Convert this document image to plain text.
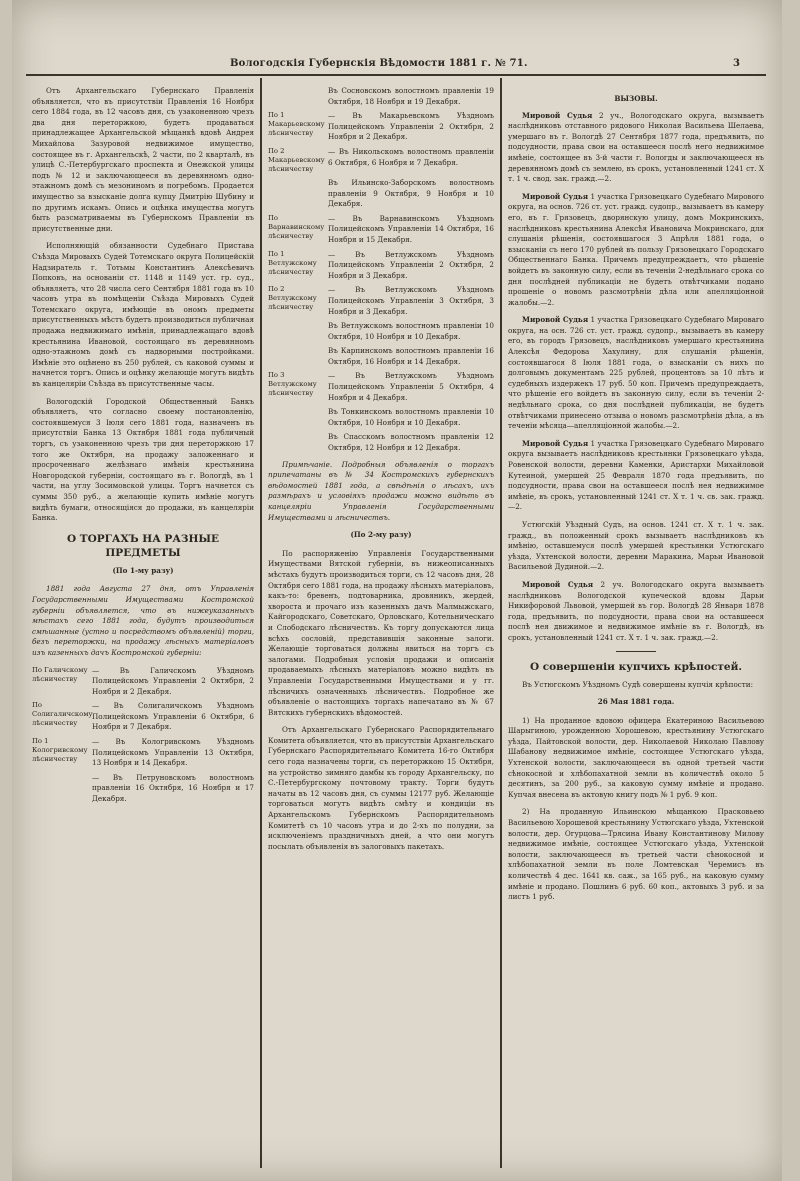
Вологодскія Губернскія Вѣдомости 1881 г. № 71.	3

Отъ Архангельскаго Губернскаго Правленія объявляется, что въ присутствіи Правленія 16 Ноября сего 1884 года, въ 12 часовъ дня, съ узаконенною чрезъ два дня переторжкою, будетъ продаваться принадлежащее Архангельской мѣщанкѣ вдовѣ Андрея Михайлова Зазуровой недвижимое имущество, состоящее въ г. Архангельскѣ, 2 части, по 2 кварталѣ, въ улицѣ С.-Петербургскаго проспекта и Онежской улицы подъ № 12 и заключающееся въ деревянномъ одно-этажномъ домѣ съ мезониномъ и погребомъ. Продается имущество за взысканіе долга купцу Дмитрію Шубину и по другимъ искамъ. Опись и оцѣнка имущества могутъ быть разсматриваемы въ Губернскомъ Правленіи въ присутственные дни.

Исполняющій обязанности Судебнаго Пристава Съѣзда Мировыхъ Судей Тотемскаго округа Полицейскій Надзиратель г. Тотьмы Константинъ Алексѣевичъ Попковъ, на основаніи ст. 1148 и 1149 уст. гр. суд., объявляетъ, что 28 числа сего Сентября 1881 года въ 10 часовъ утра въ помѣщеніи Съѣзда Мировыхъ Судей Тотемскаго округа, имѣющіе въ ономъ предметы присутственныхъ мѣстъ будетъ производиться публичная продажа недвижимаго имѣнія, принадлежащаго вдовѣ крестьянина Ивановой, состоящаго въ деревянномъ одно-этажномъ домѣ съ надворными постройками. Имѣніе это оцѣнено въ 250 рублей, съ каковой суммы и начнется торгъ. Опись и оцѣнку желающіе могутъ видѣть въ канцеляріи Съѣзда въ присутственные часы.

Вологодскій Городской Общественный Банкъ объявляетъ, что согласно своему постановленію, состоявшемуся 3 Іюля сего 1881 года, назначенъ въ присутствіи Банка 13 Октября 1881 года публичный торгъ, съ узаконенною чрезъ три дня переторжкою 17 того же Октября, на продажу заложеннаго и просроченнаго желѣзнаго имѣнія крестьянина Новгородской губерніи, состоящаго въ г. Вологдѣ, въ 1 части, на углу Зосимовской улицы. Торгъ начнется съ суммы 350 руб., а желающіе купить имѣніе могутъ видѣть бумаги, относящіяся до продажи, въ канцеляріи Банка.

О ТОРГАХЪ НА РАЗНЫЕ ПРЕДМЕТЫ
(По 1-му разу)

1881 года Августа 27 дня, отъ Управленія Государственными Имуществами Костромской губерніи объявляется, что въ нижеуказанныхъ мѣстахъ сего 1881 года, будутъ производиться смѣшанные (устно и посредствомъ объявленій) торги, безъ переторжки, на продажу лѣсныхъ матеріаловъ изъ казенныхъ дачъ Костромской губерніи:

По Галичскому лѣсничеству
— Въ Галичскомъ Уѣздномъ Полицейскомъ Управленіи 2 Октября, 2 Ноября и 2 Декабря.
По Солигаличскому лѣсничеству
— Въ Солигаличскомъ Уѣздномъ Полицейскомъ Управленіи 6 Октября, 6 Ноября и 7 Декабря.
По 1 Кологривскому лѣсничеству
— Въ Кологривскомъ Уѣздномъ Полицейскомъ Управленіи 13 Октября, 13 Ноября и 14 Декабря.
— Въ Петруновскомъ волостномъ правленіи 16 Октября, 16 Ноября и 17 Декабря.
Въ Сосновскомъ волостномъ правленіи 19 Октября, 18 Ноября и 19 Декабря.
По 1 Макарьевскому лѣсничеству
— Въ Макарьевскомъ Уѣздномъ Полицейскомъ Управленіи 2 Октября, 2 Ноября и 2 Декабря.
По 2 Макарьевскому лѣсничеству
— Въ Никольскомъ волостномъ правленіи 6 Октября, 6 Ноября и 7 Декабря.
Въ Ильинско-Заборскомъ волостномъ правленіи 9 Октября, 9 Ноября и 10 Декабря.
По Варнавинскому лѣсничеству
— Въ Варнавинскомъ Уѣздномъ Полицейскомъ Управленіи 14 Октября, 16 Ноября и 15 Декабря.
По 1 Ветлужскому лѣсничеству
— Въ Ветлужскомъ Уѣздномъ Полицейскомъ Управленіи 2 Октября, 2 Ноября и 3 Декабря.
По 2 Ветлужскому лѣсничеству
— Въ Ветлужскомъ Уѣздномъ Полицейскомъ Управленіи 3 Октября, 3 Ноября и 3 Декабря.
Въ Ветлужскомъ волостномъ правленіи 10 Октября, 10 Ноября и 10 Декабря.
Въ Карпинскомъ волостномъ правленіи 16 Октября, 16 Ноября и 14 Декабря.
По 3 Ветлужскому лѣсничеству
— Въ Ветлужскомъ Уѣздномъ Полицейскомъ Управленіи 5 Октября, 4 Ноября и 4 Декабря.
Въ Тонкинскомъ волостномъ правленіи 10 Октября, 10 Ноября и 10 Декабря.
Въ Спасскомъ волостномъ правленіи 12 Октября, 12 Ноября и 12 Декабря.

Примѣчаніе. Подробныя объявленія о торгахъ припечатаны въ № 34 Костромскихъ губернскихъ вѣдомостей 1881 года, а свѣдѣнія о лѣсахъ, ихъ размѣрахъ и условіяхъ продажи можно видѣть въ канцеляріи Управленія Государственными Имуществами и лѣсничествъ.

(По 2-му разу)

По распоряженію Управленія Государственными Имуществами Вятской губерніи, въ нижеописанныхъ мѣстахъ будутъ производиться торги, съ 12 часовъ дня, 28 Октября сего 1881 года, на продажу лѣсныхъ матеріаловъ, какъ-то: бревенъ, подтоварника, дровяникъ, жердей, хвороста и прочаго изъ казенныхъ дачъ Малмыжскаго, Кайгородскаго, Советскаго, Орловскаго, Котельническаго и Слободскаго лѣсничествъ. Къ торгу допускаются лица всѣхъ сословій, представившія законные залоги. Желающіе торговаться должны явиться на торгъ съ залогами. Подробныя условія продажи и описанія продаваемыхъ лѣсныхъ матеріаловъ можно видѣть въ Управленіи Государственными Имуществами и у гг. лѣсничихъ означенныхъ лѣсничествъ. Подробное же объявленіе о настоящихъ торгахъ напечатано въ № 67 Вятскихъ губернскихъ вѣдомостей.

Отъ Архангельскаго Губернскаго Распорядительнаго Комитета объявляется, что въ присутствіи Архангельскаго Губернскаго Распорядительнаго Комитета 16-го Октября сего года назначены торги, съ переторжкою 15 Октября, на устройство зимняго дамбы къ городу Архангельску, по С.-Петербургскому почтовому тракту. Торги будутъ начаты въ 12 часовъ дня, съ суммы 12177 руб. Желающіе торговаться могутъ видѣть смѣту и кондиціи въ Архангельскомъ Губернскомъ Распорядительномъ Комитетѣ съ 10 часовъ утра и до 2-хъ по полудни, за исключеніемъ праздничныхъ дней, а что они могутъ посылать объявленія въ залоговыхъ пакетахъ.

ВЫЗОВЫ.

Мировой Судья 2 уч., Вологодскаго округа, вызываетъ наслѣдниковъ отставного рядового Николая Васильева Шелаева, умершаго въ г. Вологдѣ 27 Сентября 1877 года, предъявить, по подсудности, права свои на оставшееся послѣ него недвижимое имѣніе, состоящее въ 3-й части г. Вологды и заключающееся въ деревянномъ домѣ съ землею, въ срокъ, установленный 1241 ст. X т. 1 ч. свод. зак. гражд.—2.

Мировой Судья 1 участка Грязовецкаго Судебнаго Мирового округа, на основ. 726 ст. уст. гражд. судопр., вызываетъ въ камеру его, въ г. Грязовецъ, дворянскую улицу, домъ Мокринскихъ, наслѣдниковъ крестьянина Алексѣя Ивановича Мокринскаго, для слушанія рѣшенія, состоявшагося 3 Апрѣля 1881 года, о взысканіи съ него 170 рублей въ пользу Грязовецкаго Городскаго Общественнаго Банка. Причемъ предупреждаетъ, что рѣшеніе войдетъ въ законную силу, если въ теченіи 2-недѣльнаго срока со дня послѣдней публикаціи не будетъ отвѣтчиками подано прошеніе о новомъ разсмотрѣніи дѣла или апелляціонной жалобы.—2.

Мировой Судья 1 участка Грязовецкаго Судебнаго Мироваго округа, на осн. 726 ст. уст. гражд. судопр., вызываетъ въ камеру его, въ городъ Грязовецъ, наслѣдниковъ умершаго крестьянина Алексѣя Федорова Хахулину, для слушанія рѣшенія, состоявшагося 8 Іюля 1881 года, о взысканіи съ нихъ по долговымъ документамъ 225 рублей, процентовъ за 10 лѣтъ и судебныхъ издержекъ 17 руб. 50 коп. Причемъ предупреждаетъ, что рѣшеніе его войдетъ въ законную силу, если въ теченіи 2-недѣльнаго срока, со дня послѣдней публикаціи, не будетъ отвѣтчиками принесено отзыва о новомъ разсмотрѣніи дѣла, а въ теченіи мѣсяца—апелляціонной жалобы.—2.

Мировой Судья 1 участка Грязовецкаго Судебнаго Мироваго округа вызываетъ наслѣдниковъ крестьянки Грязовецкаго уѣзда, Ровенской волости, деревни Каменки, Аристархи Михайловой Кутеиной, умершей 25 Февраля 1870 года предъявить, по подсудности, права свои на оставшееся послѣ нея недвижимое имѣніе, въ срокъ, установленный 1241 ст. X т. 1 ч. св. зак. гражд.—2.

Устюгскій Уѣздный Судъ, на основ. 1241 ст. X т. 1 ч. зак. гражд., въ положенный срокъ вызываетъ наслѣдниковъ къ имѣнію, оставшемуся послѣ умершей крестьянки Устюгскаго уѣзда, Ухтенской волости, деревни Маракина, Марьи Ивановой Васильевой Дудиной.—2.

Мировой Судья 2 уч. Вологодскаго округа вызываетъ наслѣдниковъ Вологодской купеческой вдовы Дарьи Никифоровой Львовой, умершей въ гор. Вологдѣ 28 Января 1878 года, предъявить, по подсудности, права свои на оставшееся послѣ нея движимое и недвижимое имѣніе въ г. Вологдѣ, въ срокъ, установленный 1241 ст. X т. 1 ч. зак. гражд.—2.

О совершеніи купчихъ крѣпостей.

Въ Устюгскомъ Уѣздномъ Судѣ совершены купчія крѣпости:

26 Мая 1881 года.

1) На проданное вдовою офицера Екатериною Васильевою Шарыгиною, урожденною Хорошевою, крестьянину Устюгскаго уѣзда, Пайтовской волости, дер. Николаевой Николаю Павлову Шабанову недвижимое имѣніе, состоящее Устюгскаго уѣзда, Ухтенской волости, заключающееся въ одной третьей части сѣнокосной и хлѣбопахатной земли въ количествѣ около 5 десятинъ, за 200 руб., за каковую сумму имѣніе и продано. Купчая внесена въ актовую книгу подъ № 1 руб. 9 коп.

2) На проданную Ильинскою мѣщанкою Прасковьею Васильевою Хорошевой крестьянину Устюгскаго уѣзда, Ухтенской волости, дер. Огурцова—Трясина Ивану Константинову Милову недвижимое имѣніе, состоящее Устюгскаго уѣзда, Ухтенской волости, заключающееся въ третьей части сѣнокосной и хлѣбопахатной земли въ поле Ломтевская Черемисъ въ количествѣ 4 дес. 1641 кв. саж., за 165 руб., на каковую сумму имѣніе и продано. Пошлинъ 6 руб. 60 коп., актовыхъ 3 руб. и за листъ 1 руб.
